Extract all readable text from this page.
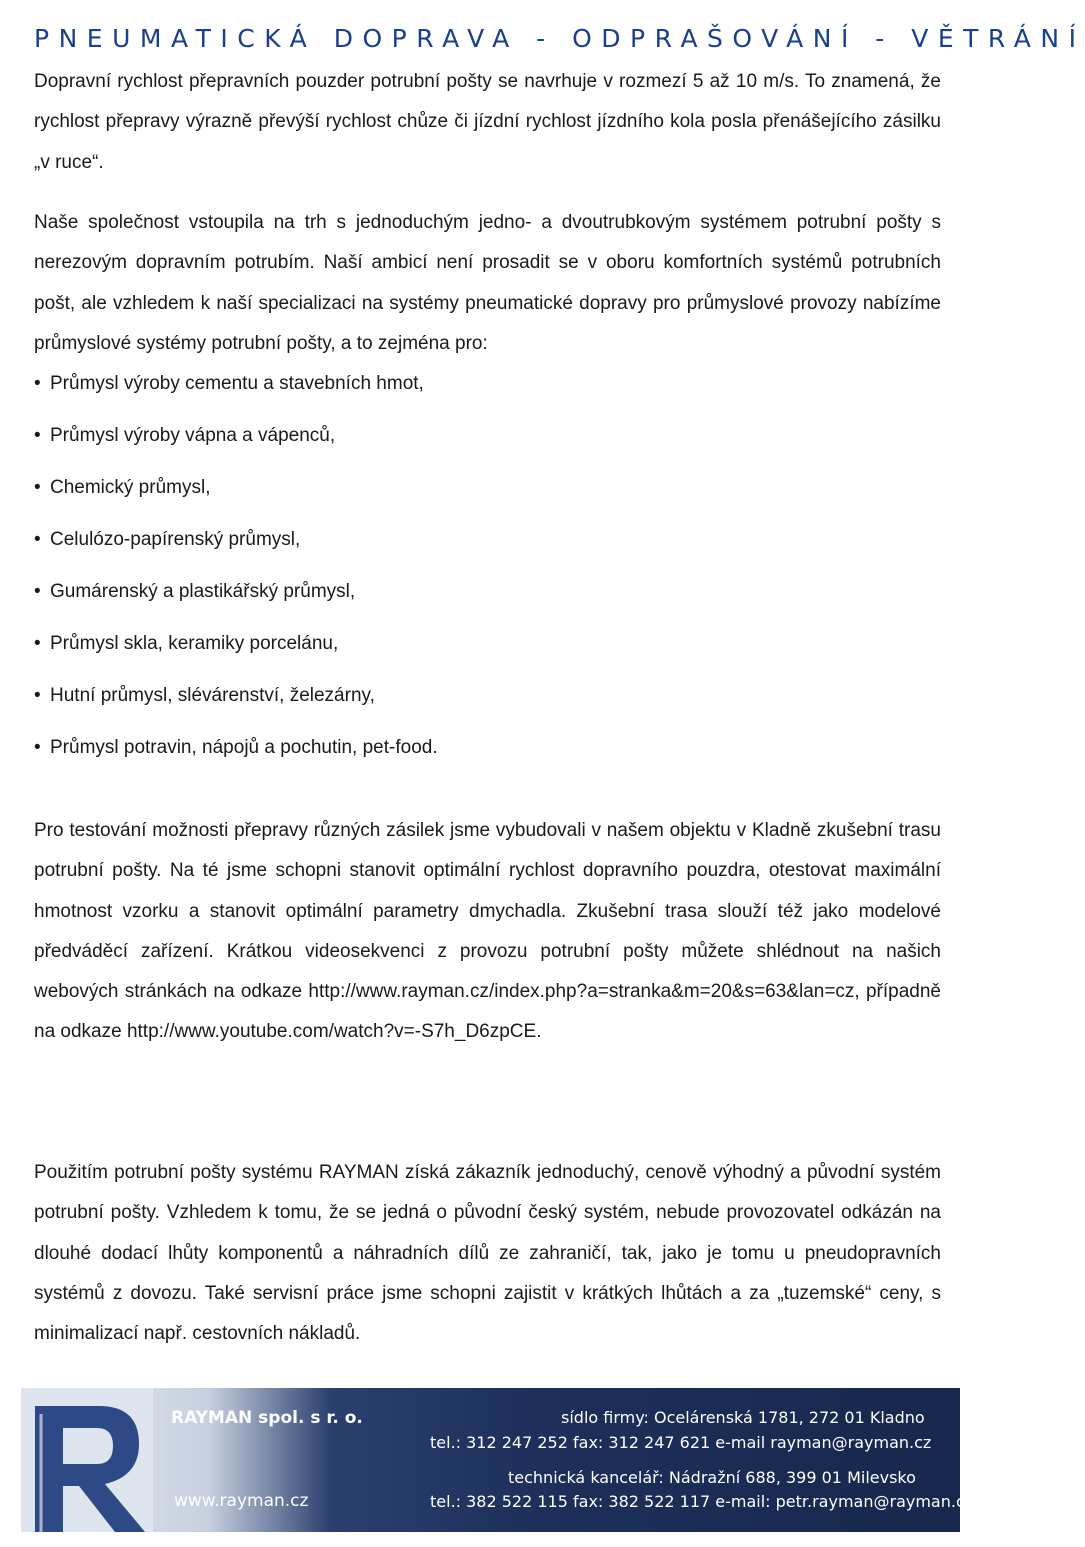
PNEUMATICKÁ DOPRAVA - ODPRAŠOVÁNÍ - VĚTRÁNÍ

Dopravní rychlost přepravních pouzder potrubní pošty se navrhuje v rozmezí 5 až 10 m/s. To znamená, že rychlost přepravy výrazně převýší rychlost chůze či jízdní rychlost jízdního kola posla přenášejícího zásilku „v ruce“.

Naše společnost vstoupila na trh s jednoduchým jedno- a dvoutrubkovým systémem potrubní pošty s nerezovým dopravním potrubím. Naší ambicí není prosadit se v oboru komfortních systémů potrubních pošt, ale vzhledem k naší specializaci na systémy pneumatické dopravy pro průmyslové provozy nabízíme průmyslové systémy potrubní pošty, a to zejména pro:

• Průmysl výroby cementu a stavebních hmot,
• Průmysl výroby vápna a vápenců,
• Chemický průmysl,
• Celulózo-papírenský průmysl,
• Gumárenský a plastikářský průmysl,
• Průmysl skla, keramiky porcelánu,
• Hutní průmysl, slévárenství, železárny,
• Průmysl potravin, nápojů a pochutin, pet-food.

Pro testování možnosti přepravy různých zásilek jsme vybudovali v našem objektu v Kladně zkušební trasu potrubní pošty. Na té jsme schopni stanovit optimální rychlost dopravního pouzdra, otestovat maximální hmotnost vzorku a stanovit optimální parametry dmychadla. Zkušební trasa slouží též jako modelové předváděcí zařízení. Krátkou videosekvenci z provozu potrubní pošty můžete shlédnout na našich webových stránkách na odkaze http://www.rayman.cz/index.php?a=stranka&m=20&s=63&lan=cz, případně na odkaze http://www.youtube.com/watch?v=-S7h_D6zpCE.

Použitím potrubní pošty systému RAYMAN získá zákazník jednoduchý, cenově výhodný a původní systém potrubní pošty. Vzhledem k tomu, že se jedná o původní český systém, nebude provozovatel odkázán na dlouhé dodací lhůty komponentů a náhradních dílů ze zahraničí, tak, jako je tomu u pneudopravních systémů z dovozu. Také servisní práce jsme schopni zajistit v krátkých lhůtách a za „tuzemské“ ceny, s minimalizací např. cestovních nákladů.

RAYMAN spol. s r. o.	sídlo firmy: Ocelárenská 1781, 272 01 Kladno
tel.: 312 247 252 fax: 312 247 621 e-mail rayman@rayman.cz
technická kancelář: Nádražní 688, 399 01 Milevsko
tel.: 382 522 115 fax: 382 522 117 e-mail: petr.rayman@rayman.cz
www.rayman.cz
